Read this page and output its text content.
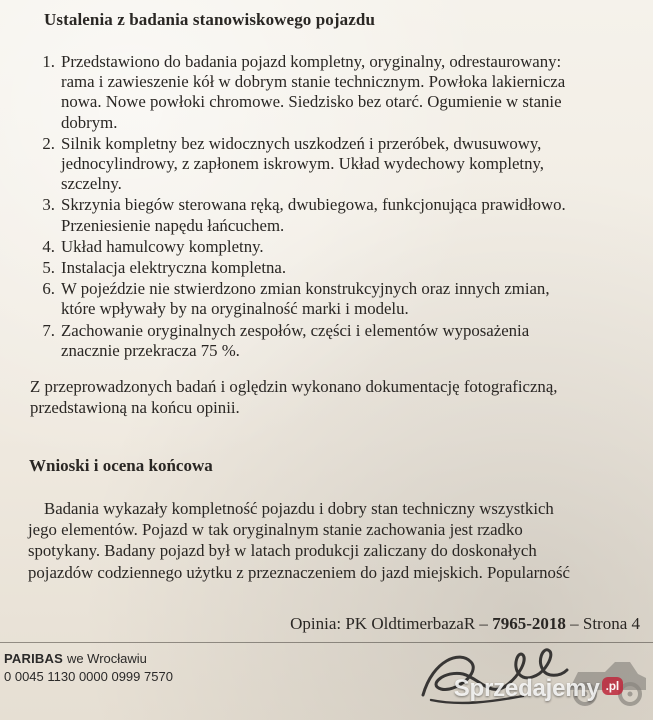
Ustalenia z badania stanowiskowego pojazdu
1. Przedstawiono do badania pojazd kompletny, oryginalny, odrestaurowany:
rama i zawieszenie kół w dobrym stanie technicznym. Powłoka lakiernicza
nowa. Nowe powłoki chromowe. Siedzisko bez otarć. Ogumienie w stanie
dobrym.
2. Silnik kompletny bez widocznych uszkodzeń i przeróbek, dwusuwowy,
jednocylindrowy, z zapłonem iskrowym. Układ wydechowy kompletny,
szczelny.
3. Skrzynia biegów sterowana ręką, dwubiegowa, funkcjonująca prawidłowo.
Przeniesienie napędu łańcuchem.
4. Układ hamulcowy kompletny.
5. Instalacja elektryczna kompletna.
6. W pojeździe nie stwierdzono zmian konstrukcyjnych oraz innych zmian,
które wpływały by na oryginalność marki i modelu.
7. Zachowanie oryginalnych zespołów, części i elementów wyposażenia
znacznie przekracza 75 %.
Z przeprowadzonych badań i oględzin wykonano dokumentację fotograficzną,
przedstawioną na końcu opinii.
Wnioski i ocena końcowa
Badania wykazały kompletność pojazdu i dobry stan techniczny wszystkich
jego elementów. Pojazd w tak oryginalnym stanie zachowania jest rzadko
spotykany. Badany pojazd był w latach produkcji zaliczany do doskonałych
pojazdów codziennego użytku z przeznaczeniem do jazd miejskich. Popularność
Opinia: PK OldtimerbazaR – 7965-2018 – Strona 4
PARIBAS we Wrocławiu
0 0045 1130 0000 0999 7570	Sprzedajemy .pl
